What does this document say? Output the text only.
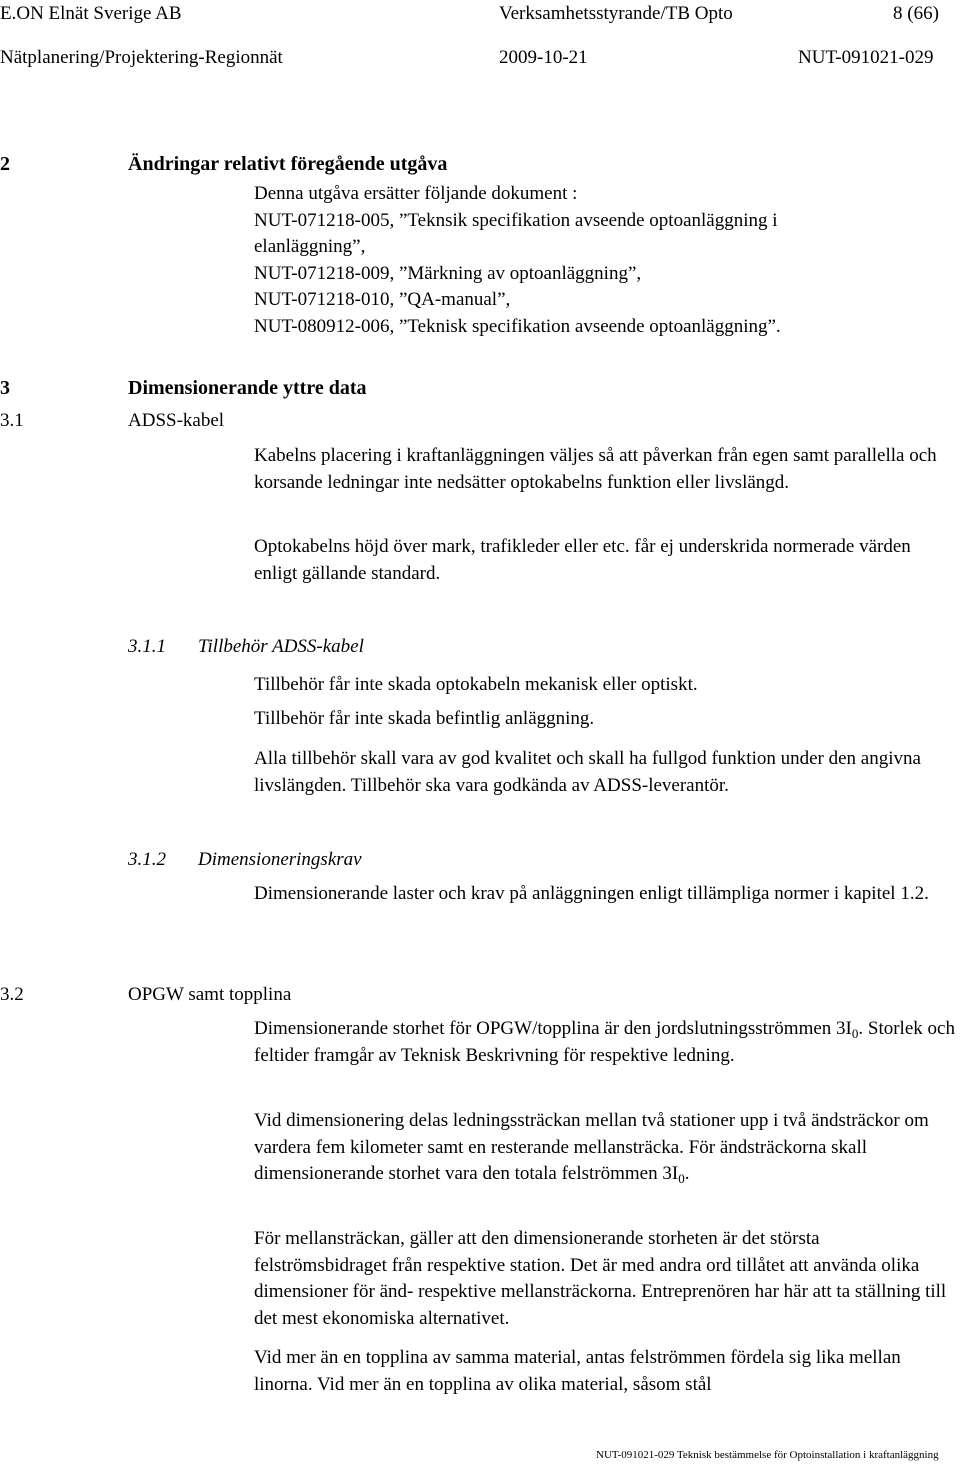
E.ON Elnät Sverige AB	Verksamhetsstyrande/TB Opto	8 (66)
Nätplanering/Projektering-Regionnät	2009-10-21	NUT-091021-029
2	Ändringar relativt föregående utgåva
Denna utgåva ersätter följande dokument :
NUT-071218-005, ”Teknsik specifikation avseende optoanläggning i
elanläggning”,
NUT-071218-009, ”Märkning av optoanläggning”,
NUT-071218-010, ”QA-manual”,
NUT-080912-006, ”Teknisk specifikation avseende optoanläggning”.
3	Dimensionerande yttre data
3.1	ADSS-kabel

Kabelns placering i kraftanläggningen väljes så att påverkan från egen samt parallella och korsande ledningar inte nedsätter optokabelns funktion eller livslängd.

Optokabelns höjd över mark, trafikleder eller etc. får ej underskrida normerade värden enligt gällande standard.

3.1.1 Tillbehör ADSS-kabel

Tillbehör får inte skada optokabeln mekanisk eller optiskt.

Tillbehör får inte skada befintlig anläggning.

Alla tillbehör skall vara av god kvalitet och skall ha fullgod funktion under den angivna livslängden. Tillbehör ska vara godkända av ADSS-leverantör.

3.1.2 Dimensioneringskrav

Dimensionerande laster och krav på anläggningen enligt tillämpliga normer i kapitel 1.2.

3.2	OPGW samt topplina

Dimensionerande storhet för OPGW/topplina är den jordslutningsströmmen $3I_0$. Storlek och feltider framgår av Teknisk Beskrivning för respektive ledning.

Vid dimensionering delas ledningssträckan mellan två stationer upp i två ändsträckor om vardera fem kilometer samt en resterande mellansträcka. För ändsträckorna skall dimensionerande storhet vara den totala felströmmen $3I_0$.

För mellansträckan, gäller att den dimensionerande storheten är det största felströmsbidraget från respektive station. Det är med andra ord tillåtet att använda olika dimensioner för änd- respektive mellansträckorna. Entreprenören har här att ta ställning till det mest ekonomiska alternativet.

Vid mer än en topplina av samma material, antas felströmmen fördela sig lika mellan linorna. Vid mer än en topplina av olika material, såsom stål

NUT-091021-029 Teknisk bestämmelse för Optoinstallation i kraftanläggning
